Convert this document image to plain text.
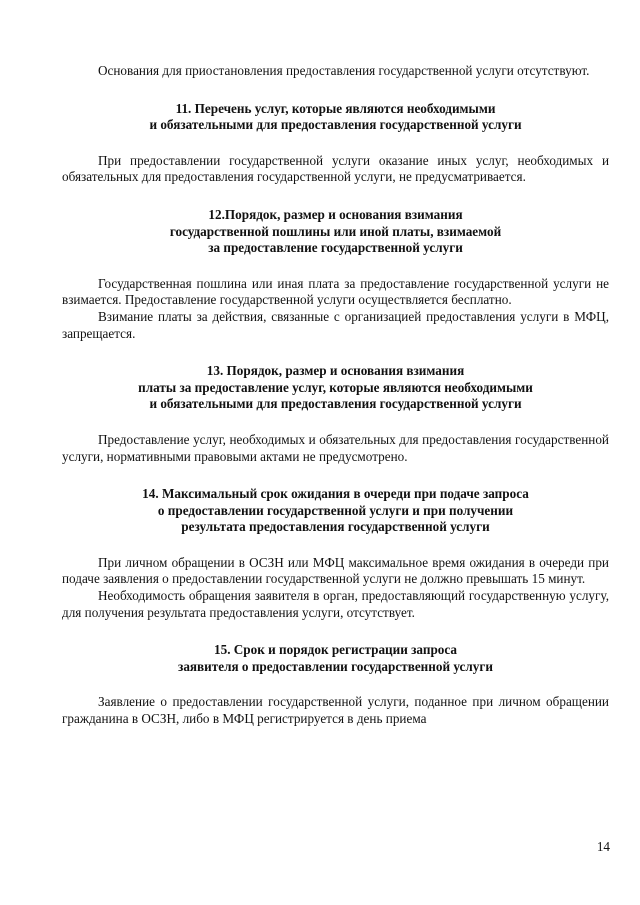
Основания для приостановления предоставления государственной услуги отсутствуют.

11. Перечень услуг, которые являются необходимыми
и обязательными для предоставления государственной услуги

При предоставлении государственной услуги оказание иных услуг, необходимых и обязательных для предоставления государственной услуги, не предусматривается.

12.Порядок, размер и основания взимания
государственной пошлины или иной платы, взимаемой
за предоставление государственной услуги

Государственная пошлина или иная плата за предоставление государственной услуги не взимается. Предоставление государственной услуги осуществляется бесплатно.

Взимание платы за действия, связанные с организацией предоставления услуги в МФЦ, запрещается.

13. Порядок, размер и основания взимания
платы за предоставление услуг, которые являются необходимыми
и обязательными для предоставления государственной услуги

Предоставление услуг, необходимых и обязательных для предоставления государственной услуги, нормативными правовыми актами не предусмотрено.

14. Максимальный срок ожидания в очереди при подаче запроса
о предоставлении государственной услуги и при получении
результата предоставления государственной услуги

При личном обращении в ОСЗН или МФЦ максимальное время ожидания в очереди при подаче заявления о предоставлении государственной услуги не должно превышать 15 минут.

Необходимость обращения заявителя в орган, предоставляющий государственную услугу, для получения результата предоставления услуги, отсутствует.

15. Срок и порядок регистрации запроса
заявителя о предоставлении государственной услуги

Заявление о предоставлении государственной услуги, поданное при личном обращении гражданина в ОСЗН, либо в МФЦ регистрируется в день приема

14
